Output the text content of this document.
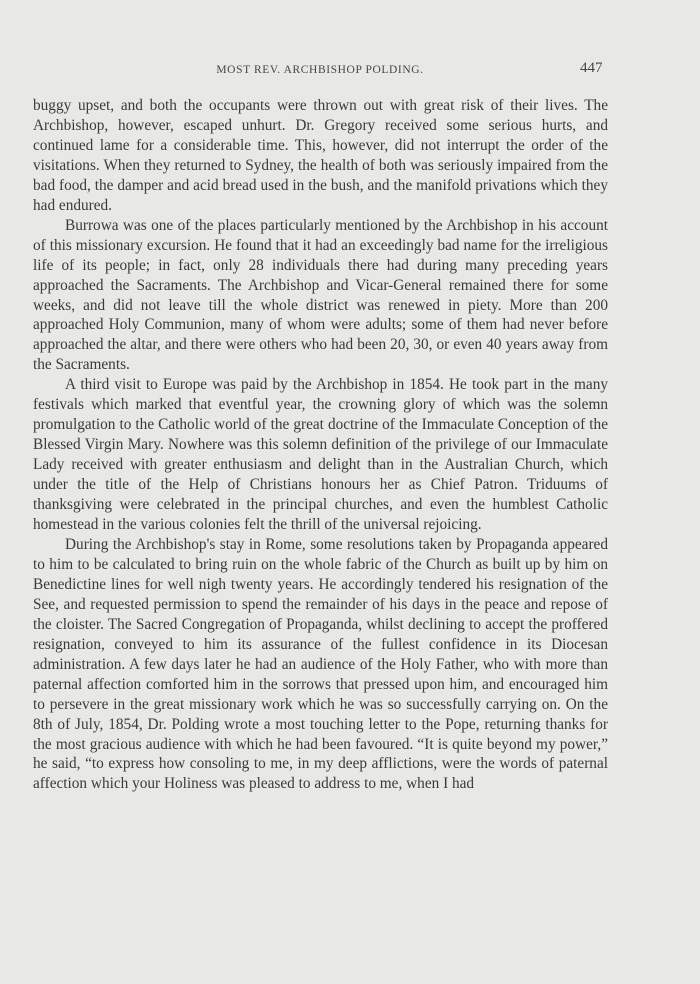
MOST REV. ARCHBISHOP POLDING.	447

buggy upset, and both the occupants were thrown out with great risk of their lives. The Archbishop, however, escaped unhurt. Dr. Gregory received some serious hurts, and continued lame for a considerable time. This, however, did not interrupt the order of the visitations. When they returned to Sydney, the health of both was seriously impaired from the bad food, the damper and acid bread used in the bush, and the manifold privations which they had endured.

Burrowa was one of the places particularly mentioned by the Archbishop in his account of this missionary excursion. He found that it had an exceedingly bad name for the irreligious life of its people; in fact, only 28 individuals there had during many preceding years approached the Sacraments. The Archbishop and Vicar-General remained there for some weeks, and did not leave till the whole district was renewed in piety. More than 200 approached Holy Communion, many of whom were adults; some of them had never before approached the altar, and there were others who had been 20, 30, or even 40 years away from the Sacraments.

A third visit to Europe was paid by the Archbishop in 1854. He took part in the many festivals which marked that eventful year, the crowning glory of which was the solemn promulgation to the Catholic world of the great doctrine of the Immaculate Conception of the Blessed Virgin Mary. Nowhere was this solemn definition of the privilege of our Immaculate Lady received with greater enthusiasm and delight than in the Australian Church, which under the title of the Help of Christians honours her as Chief Patron. Triduums of thanksgiving were celebrated in the principal churches, and even the humblest Catholic homestead in the various colonies felt the thrill of the universal rejoicing.

During the Archbishop's stay in Rome, some resolutions taken by Propaganda appeared to him to be calculated to bring ruin on the whole fabric of the Church as built up by him on Benedictine lines for well nigh twenty years. He accordingly tendered his resignation of the See, and requested permission to spend the remainder of his days in the peace and repose of the cloister. The Sacred Congregation of Propaganda, whilst declining to accept the proffered resignation, conveyed to him its assurance of the fullest confidence in its Diocesan administration. A few days later he had an audience of the Holy Father, who with more than paternal affection comforted him in the sorrows that pressed upon him, and encouraged him to persevere in the great missionary work which he was so successfully carrying on. On the 8th of July, 1854, Dr. Polding wrote a most touching letter to the Pope, returning thanks for the most gracious audience with which he had been favoured. “It is quite beyond my power,” he said, “to express how consoling to me, in my deep afflictions, were the words of paternal affection which your Holiness was pleased to address to me, when I had
